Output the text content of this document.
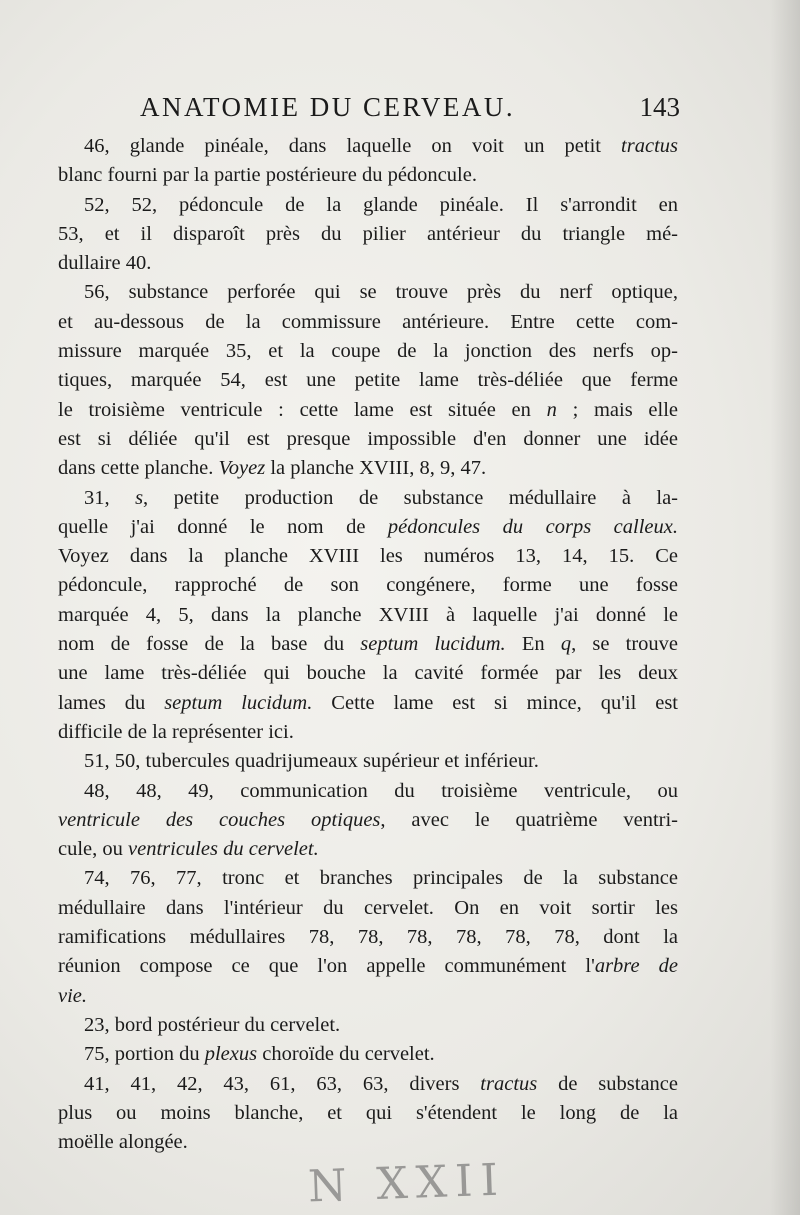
ANATOMIE DU CERVEAU.	143
46, glande pinéale, dans laquelle on voit un petit tractus
blanc fourni par la partie postérieure du pédoncule.
52, 52, pédoncule de la glande pinéale. Il s'arrondit en
53, et il disparoît près du pilier antérieur du triangle mé-
dullaire 40.
56, substance perforée qui se trouve près du nerf optique,
et au-dessous de la commissure antérieure. Entre cette com-
missure marquée 35, et la coupe de la jonction des nerfs op-
tiques, marquée 54, est une petite lame très-déliée que ferme
le troisième ventricule : cette lame est située en n ; mais elle
est si déliée qu'il est presque impossible d'en donner une idée
dans cette planche. Voyez la planche XVIII, 8, 9, 47.
31, s, petite production de substance médullaire à la-
quelle j'ai donné le nom de pédoncules du corps calleux.
Voyez dans la planche XVIII les numéros 13, 14, 15. Ce
pédoncule, rapproché de son congénere, forme une fosse
marquée 4, 5, dans la planche XVIII à laquelle j'ai donné le
nom de fosse de la base du septum lucidum. En q, se trouve
une lame très-déliée qui bouche la cavité formée par les deux
lames du septum lucidum. Cette lame est si mince, qu'il est
difficile de la représenter ici.
51, 50, tubercules quadrijumeaux supérieur et inférieur.
48, 48, 49, communication du troisième ventricule, ou
ventricule des couches optiques, avec le quatrième ventri-
cule, ou ventricules du cervelet.
74, 76, 77, tronc et branches principales de la substance
médullaire dans l'intérieur du cervelet. On en voit sortir les
ramifications médullaires 78, 78, 78, 78, 78, 78, dont la
réunion compose ce que l'on appelle communément l'arbre de
vie.
23, bord postérieur du cervelet.
75, portion du plexus choroïde du cervelet.
41, 41, 42, 43, 61, 63, 63, divers tractus de substance
plus ou moins blanche, et qui s'étendent le long de la
moëlle alongée.
N XXII
